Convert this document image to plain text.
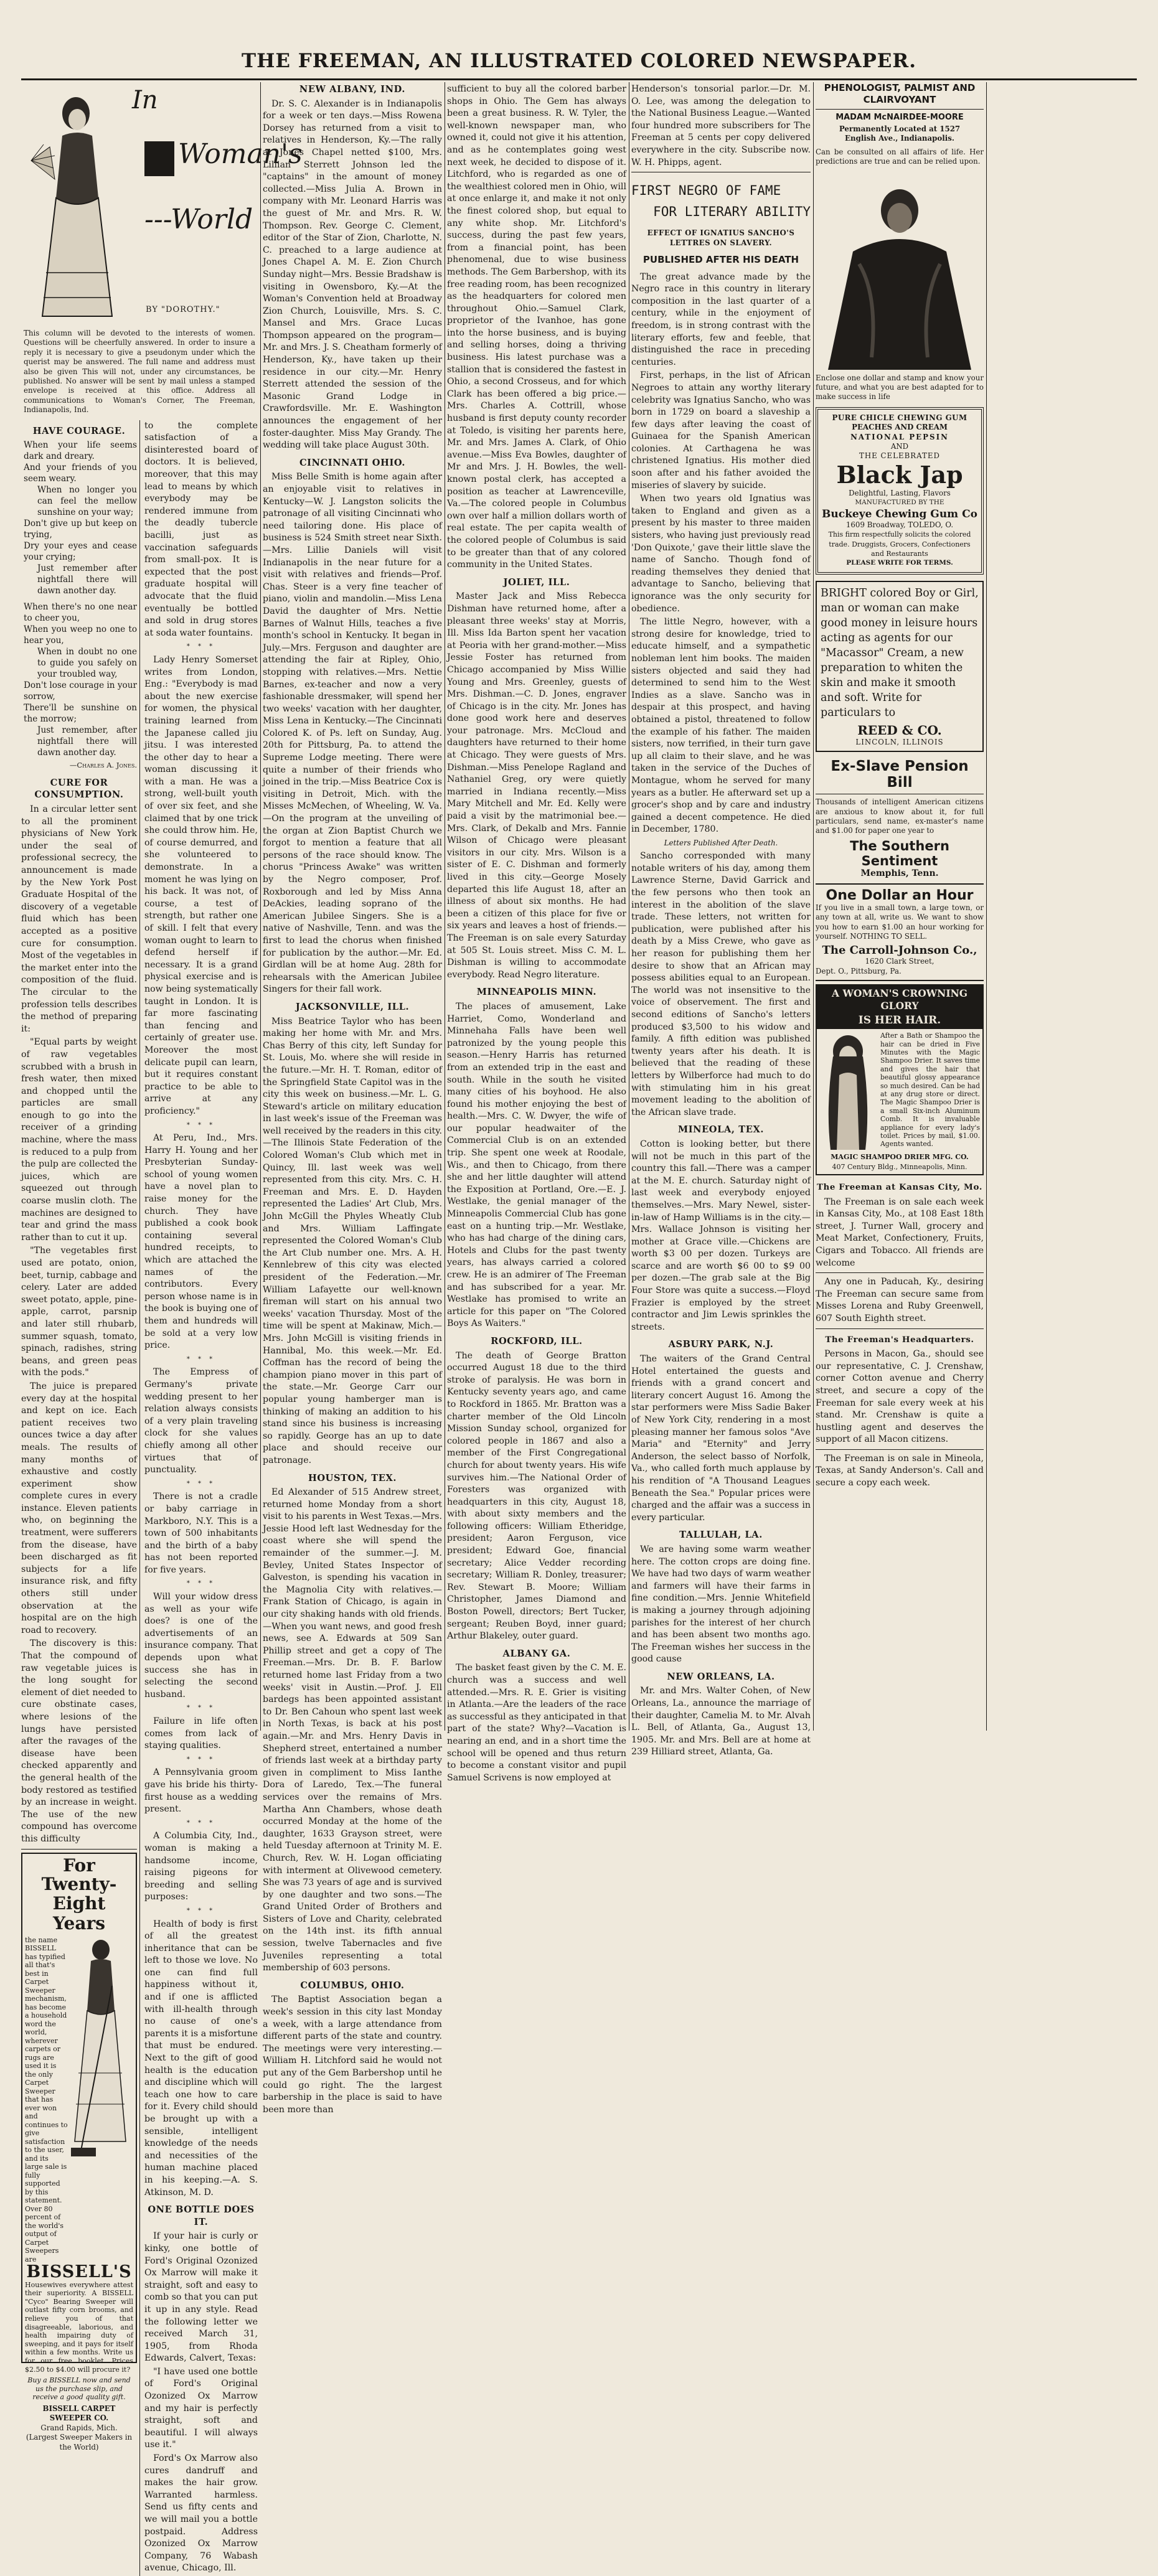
THE FREEMAN, AN ILLUSTRATED COLORED NEWSPAPER.
In
Woman's
---World
BY "DOROTHY."
This column will be devoted to the interests of women. Questions will be cheerfully answered. In order to insure a reply it is necessary to give a pseudonym under which the querist may be answered. The full name and address must also be given This will not, under any circumstances, be published. No answer will be sent by mail unless a stamped envelope is received at this office. Address all communications to Woman's Corner, The Freeman, Indianapolis, Ind.
HAVE COURAGE.
When your life seems dark and dreary.
And your friends of you seem weary.
When no longer you can feel the mellow sunshine on your way;
Don't give up but keep on trying,
Dry your eyes and cease your crying;
Just remember after nightfall there will dawn another day.
When there's no one near to cheer you,
When you weep no one to hear you,
When in doubt no one to guide you safely on your troubled way,
Don't lose courage in your sorrow,
There'll be sunshine on the morrow;
Just remember, after nightfall there will dawn another day.
—Charles A. Jones.
CURE FOR CONSUMPTION.

In a circular letter sent to all the prominent physicians of New York under the seal of professional secrecy, the announcement is made by the New York Post Graduate Hospital of the discovery of a vegetable fluid which has been accepted as a positive cure for consumption. Most of the vegetables in the market enter into the composition of the fluid. The circular to the profession tells describes the method of preparing it:

"Equal parts by weight of raw vegetables scrubbed with a brush in fresh water, then mixed and chopped until the particles are small enough to go into the receiver of a grinding machine, where the mass is reduced to a pulp from the pulp are collected the juices, which are squeezed out through coarse muslin cloth. The machines are designed to tear and grind the mass rather than to cut it up.

"The vegetables first used are potato, onion, beet, turnip, cabbage and celery. Later are added sweet potato, apple, pine-apple, carrot, parsnip and later still rhubarb, summer squash, tomato, spinach, radishes, string beans, and green peas with the pods."

The juice is prepared every day at the hospital and kept on ice. Each patient receives two ounces twice a day after meals. The results of many months of exhaustive and costly experiment show complete cures in every instance. Eleven patients who, on beginning the treatment, were sufferers from the disease, have been discharged as fit subjects for a life insurance risk, and fifty others still under observation at the hospital are on the high road to recovery.

The discovery is this: That the compound of raw vegetable juices is the long sought for element of diet needed to cure obstinate cases, where lesions of the lungs have persisted after the ravages of the disease have been checked apparently and the general health of the body restored as testified by an increase in weight. The use of the new compound has overcome this difficulty

For Twenty-
Eight Years
the name BISSELL has typified all that's best in Carpet Sweeper mechanism, has become a household word the world, wherever carpets or rugs are used it is the only Carpet Sweeper that has ever won and continues to give satisfaction to the user, and its large sale is fully supported by this statement. Over 80 percent of the world's output of Carpet Sweepers are
BISSELL'S
Housewives everywhere attest their superiority. A BISSELL "Cyco" Bearing Sweeper will outlast fifty corn brooms, and relieve you of that disagreeable, laborious, and health impairing duty of sweeping, and it pays for itself within a few months. Write us for our free booklet. Prices $2.50 to $4.00 will procure it?
Buy a BISSELL now and send us the purchase slip, and receive a good quality gift.
BISSELL CARPET SWEEPER CO.
Grand Rapids, Mich.
(Largest Sweeper Makers in the World)

to the complete satisfaction of a disinterested board of doctors. It is believed, moreover, that this may lead to means by which everybody may be rendered immune from the deadly tubercle bacilli, just as vaccination safeguards from small-pox. It is expected that the post graduate hospital will advocate that the fluid eventually be bottled and sold in drug stores at soda water fountains.

* * *

Lady Henry Somerset writes from London, Eng.: "Everybody is mad about the new exercise for women, the physical training learned from the Japanese called jiu jitsu. I was interested the other day to hear a woman discussing it with a man. He was a strong, well-built youth of over six feet, and she claimed that by one trick she could throw him. He, of course demurred, and she volunteered to demonstrate. In a moment he was lying on his back. It was not, of course, a test of strength, but rather one of skill. I felt that every woman ought to learn to defend herself if necessary. It is a grand physical exercise and is now being systematically taught in London. It is far more fascinating than fencing and certainly of greater use. Moreover the most delicate pupil can learn, but it requires constant practice to be able to arrive at any proficiency."

* * *

At Peru, Ind., Mrs. Harry H. Young and her Presbyterian Sunday-school of young women have a novel plan to raise money for the church. They have published a cook book containing several hundred receipts, to which are attached the names of the contributors. Every person whose name is in the book is buying one of them and hundreds will be sold at a very low price.

* * *

The Empress of Germany's private wedding present to her relation always consists of a very plain traveling clock for she values chiefly among all other virtues that of punctuality.

* * *

There is not a cradle or baby carriage in Markboro, N.Y. This is a town of 500 inhabitants and the birth of a baby has not been reported for five years.

* * *

Will your widow dress as well as your wife does? is one of the advertisements of an insurance company. That depends upon what success she has in selecting the second husband.

* * *

Failure in life often comes from lack of staying qualities.

* * *

A Pennsylvania groom gave his bride his thirty-first house as a wedding present.

* * *

A Columbia City, Ind., woman is making a handsome income, raising pigeons for breeding and selling purposes:

* * *

Health of body is first of all the greatest inheritance that can be left to those we love. No one can find full happiness without it, and if one is afflicted with ill-health through no cause of one's parents it is a misfortune that must be endured. Next to the gift of good health is the education and discipline which will teach one how to care for it. Every child should be brought up with a sensible, intelligent knowledge of the needs and necessities of the human machine placed in his keeping.—A. S. Atkinson, M. D.

ONE BOTTLE DOES IT.

If your hair is curly or kinky, one bottle of Ford's Original Ozonized Ox Marrow will make it straight, soft and easy to comb so that you can put it up in any style. Read the following letter we received March 31, 1905, from Rhoda Edwards, Calvert, Texas:

"I have used one bottle of Ford's Original Ozonized Ox Marrow and my hair is perfectly straight, soft and beautiful. I will always use it."

Ford's Ox Marrow also cures dandruff and makes the hair grow. Warranted harmless. Send us fifty cents and we will mail you a bottle postpaid. Address Ozonized Ox Marrow Company, 76 Wabash avenue, Chicago, Ill.

NEW ALBANY, IND.

Dr. S. C. Alexander is in Indianapolis for a week or ten days.—Miss Rowena Dorsey has returned from a visit to relatives in Henderson, Ky.—The rally at Jones Chapel netted $100, Mrs. Lillian Sterrett Johnson led the "captains" in the amount of money collected.—Miss Julia A. Brown in company with Mr. Leonard Harris was the guest of Mr. and Mrs. R. W. Thompson. Rev. George C. Clement, editor of the Star of Zion, Charlotte, N. C. preached to a large audience at Jones Chapel A. M. E. Zion Church Sunday night—Mrs. Bessie Bradshaw is visiting in Owensboro, Ky.—At the Woman's Convention held at Broadway Zion Church, Louisville, Mrs. S. C. Mansel and Mrs. Grace Lucas Thompson appeared on the program—Mr. and Mrs. J. S. Cheatham formerly of Henderson, Ky., have taken up their residence in our city.—Mr. Henry Sterrett attended the session of the Masonic Grand Lodge in Crawfordsville. Mr. E. Washington announces the engagement of her foster-daughter. Miss May Grandy. The wedding will take place August 30th.

CINCINNATI OHIO.

Miss Belle Smith is home again after an enjoyable visit to relatives in Kentucky—W. J. Langston solicits the patronage of all visiting Cincinnati who need tailoring done. His place of business is 524 Smith street near Sixth.—Mrs. Lillie Daniels will visit Indianapolis in the near future for a visit with relatives and friends—Prof. Chas. Steer is a very fine teacher of piano, violin and mandolin.—Miss Lena David the daughter of Mrs. Nettie Barnes of Walnut Hills, teaches a five month's school in Kentucky. It began in July.—Mrs. Ferguson and daughter are attending the fair at Ripley, Ohio, stopping with relatives.—Mrs. Nettie Barnes, ex-teacher and now a very fashionable dressmaker, will spend her two weeks' vacation with her daughter, Miss Lena in Kentucky.—The Cincinnati Colored K. of Ps. left on Sunday, Aug. 20th for Pittsburg, Pa. to attend the Supreme Lodge meeting. There were quite a number of their friends who joined in the trip.—Miss Beatrice Cox is visiting in Detroit, Mich. with the Misses McMechen, of Wheeling, W. Va.—On the program at the unveiling of the organ at Zion Baptist Church we forgot to mention a feature that all persons of the race should know. The chorus "Princess Awake" was written by the Negro composer, Prof. Roxborough and led by Miss Anna DeAckies, leading soprano of the American Jubilee Singers. She is a native of Nashville, Tenn. and was the first to lead the chorus when finished for publication by the author.—Mr. Ed. Girdlan will be at home Aug. 28th for rehearsals with the American Jubilee Singers for their fall work.

JACKSONVILLE, ILL.

Miss Beatrice Taylor who has been making her home with Mr. and Mrs. Chas Berry of this city, left Sunday for St. Louis, Mo. where she will reside in the future.—Mr. H. T. Roman, editor of the Springfield State Capitol was in the city this week on business.—Mr. L. G. Steward's article on military education in last week's issue of the Freeman was well received by the readers in this city.—The Illinois State Federation of the Colored Woman's Club which met in Quincy, Ill. last week was well represented from this city. Mrs. C. H. Freeman and Mrs. E. D. Hayden represented the Ladies' Art Club, Mrs. John McGill the Phyles Wheatly Club and Mrs. William Laffingate represented the Colored Woman's Club the Art Club number one. Mrs. A. H. Kennlebrew of this city was elected president of the Federation.—Mr. William Lafayette our well-known fireman will start on his annual two weeks' vacation Thursday. Most of the time will be spent at Makinaw, Mich.—Mrs. John McGill is visiting friends in Hannibal, Mo. this week.—Mr. Ed. Coffman has the record of being the champion piano mover in this part of the state.—Mr. George Carr our popular young hamberger man is thinking of making an addition to his stand since his business is increasing so rapidly. George has an up to date place and should receive our patronage.

HOUSTON, TEX.

Ed Alexander of 515 Andrew street, returned home Monday from a short visit to his parents in West Texas.—Mrs. Jessie Hood left last Wednesday for the coast where she will spend the remainder of the summer.—J. M. Bevley, United States Inspector of Galveston, is spending his vacation in the Magnolia City with relatives.—Frank Station of Chicago, is again in our city shaking hands with old friends.—When you want news, and good fresh news, see A. Edwards at 509 San Phillip street and get a copy of The Freeman.—Mrs. Dr. B. F. Barlow returned home last Friday from a two weeks' visit in Austin.—Prof. J. Ell bardegs has been appointed assistant to Dr. Ben Cahoun who spent last week in North Texas, is back at his post again.—Mr. and Mrs. Henry Davis in Shepherd street, entertained a number of friends last week at a birthday party given in compliment to Miss Ianthe Dora of Laredo, Tex.—The funeral services over the remains of Mrs. Martha Ann Chambers, whose death occurred Monday at the home of the daughter, 1633 Grayson street, were held Tuesday afternoon at Trinity M. E. Church, Rev. W. H. Logan officiating with interment at Olivewood cemetery. She was 73 years of age and is survived by one daughter and two sons.—The Grand United Order of Brothers and Sisters of Love and Charity, celebrated on the 14th inst. its fifth annual session, twelve Tabernacles and five Juveniles representing a total membership of 603 persons.

COLUMBUS, OHIO.

The Baptist Association began a week's session in this city last Monday a week, with a large attendance from different parts of the state and country. The meetings were very interesting.—William H. Litchford said he would not put any of the Gem Barbershop until he could go right. The the largest barbership in the place is said to have been more than

sufficient to buy all the colored barber shops in Ohio. The Gem has always been a great business. R. W. Tyler, the well-known newspaper man, who owned it, could not give it his attention, and as he contemplates going west next week, he decided to dispose of it. Litchford, who is regarded as one of the wealthiest colored men in Ohio, will at once enlarge it, and make it not only the finest colored shop, but equal to any white shop. Mr. Litchford's success, during the past few years, from a financial point, has been phenomenal, due to wise business methods. The Gem Barbershop, with its free reading room, has been recognized as the headquarters for colored men throughout Ohio.—Samuel Clark, proprietor of the Ivanhoe, has gone into the horse business, and is buying and selling horses, doing a thriving business. His latest purchase was a stallion that is considered the fastest in Ohio, a second Crosseus, and for which Clark has been offered a big price.—Mrs. Charles A. Cottrill, whose husband is first deputy county recorder at Toledo, is visiting her parents here, Mr. and Mrs. James A. Clark, of Ohio avenue.—Miss Eva Bowles, daughter of Mr and Mrs. J. H. Bowles, the well-known postal clerk, has accepted a position as teacher at Lawrenceville, Va.—The colored people in Columbus own over half a million dollars worth of real estate. The per capita wealth of the colored people of Columbus is said to be greater than that of any colored community in the United States.

JOLIET, ILL.

Master Jack and Miss Rebecca Dishman have returned home, after a pleasant three weeks' stay at Morris, Ill. Miss Ida Barton spent her vacation at Peoria with her grand-mother.—Miss Jessie Foster has returned from Chicago accompanied by Miss Willie Young and Mrs. Greenley, guests of Mrs. Dishman.—C. D. Jones, engraver of Chicago is in the city. Mr. Jones has done good work here and deserves your patronage. Mrs. McCloud and daughters have returned to their home at Chicago. They were guests of Mrs. Dishman.—Miss Penelope Ragland and Nathaniel Greg, ory were quietly married in Indiana recently.—Miss Mary Mitchell and Mr. Ed. Kelly were paid a visit by the matrimonial bee.—Mrs. Clark, of Dekalb and Mrs. Fannie Wilson of Chicago were pleasant visitors in our city. Mrs. Wilson is a sister of E. C. Dishman and formerly lived in this city.—George Mosely departed this life August 18, after an illness of about six months. He had been a citizen of this place for five or six years and leaves a host of friends.—The Freeman is on sale every Saturday at 505 St. Louis street. Miss C. M. L. Dishman is willing to accommodate everybody. Read Negro literature.

MINNEAPOLIS MINN.

The places of amusement, Lake Harriet, Como, Wonderland and Minnehaha Falls have been well patronized by the young people this season.—Henry Harris has returned from an extended trip in the east and south. While in the south he visited many cities of his boyhood. He also found his mother enjoying the best of health.—Mrs. C. W. Dwyer, the wife of our popular headwaiter of the Commercial Club is on an extended trip. She spent one week at Roodale, Wis., and then to Chicago, from there she and her little daughter will attend the Exposition at Portland, Ore.—E. J. Westlake, the genial manager of the Minneapolis Commercial Club has gone east on a hunting trip.—Mr. Westlake, who has had charge of the dining cars, Hotels and Clubs for the past twenty years, has always carried a colored crew. He is an admirer of The Freeman and has subscribed for a year. Mr. Westlake has promised to write an article for this paper on "The Colored Boys As Waiters."

ROCKFORD, ILL.

The death of George Bratton occurred August 18 due to the third stroke of paralysis. He was born in Kentucky seventy years ago, and came to Rockford in 1865. Mr. Bratton was a charter member of the Old Lincoln Mission Sunday school, organized for colored people in 1867 and also a member of the First Congregational church for about twenty years. His wife survives him.—The National Order of Foresters was organized with headquarters in this city, August 18, with about sixty members and the following officers: William Etheridge, president; Aaron Ferguson, vice president; Edward Goe, financial secretary; Alice Vedder recording secretary; William R. Donley, treasurer; Rev. Stewart B. Moore; William Christopher, James Diamond and Boston Powell, directors; Bert Tucker, sergeant; Reuben Boyd, inner guard; Arthur Blakeley, outer guard.

ALBANY GA.

The basket feast given by the C. M. E. church was a success and well attended.—Mrs. R. E. Grier is visiting in Atlanta.—Are the leaders of the race as successful as they anticipated in that part of the state? Why?—Vacation is nearing an end, and in a short time the school will be opened and thus return to become a constant visitor and pupil Samuel Scrivens is now employed at

Henderson's tonsorial parlor.—Dr. M. O. Lee, was among the delegation to the National Business League.—Wanted four hundred more subscribers for The Freeman at 5 cents per copy delivered everywhere in the city. Subscribe now. W. H. Phipps, agent.

FIRST NEGRO OF FAME
FOR LITERARY ABILITY
EFFECT OF IGNATIUS SANCHO'S LETTRES ON SLAVERY.
PUBLISHED AFTER HIS DEATH

The great advance made by the Negro race in this country in literary composition in the last quarter of a century, while in the enjoyment of freedom, is in strong contrast with the literary efforts, few and feeble, that distinguished the race in preceding centuries.

First, perhaps, in the list of African Negroes to attain any worthy literary celebrity was Ignatius Sancho, who was born in 1729 on board a slaveship a few days after leaving the coast of Guinaea for the Spanish American colonies. At Carthagena he was christened Ignatius. His mother died soon after and his father avoided the miseries of slavery by suicide.

When two years old Ignatius was taken to England and given as a present by his master to three maiden sisters, who having just previously read 'Don Quixote,' gave their little slave the name of Sancho. Though fond of reading themselves they denied that advantage to Sancho, believing that ignorance was the only security for obedience.

The little Negro, however, with a strong desire for knowledge, tried to educate himself, and a sympathetic nobleman lent him books. The maiden sisters objected and said they had determined to send him to the West Indies as a slave. Sancho was in despair at this prospect, and having obtained a pistol, threatened to follow the example of his father. The maiden sisters, now terrified, in their turn gave up all claim to their slave, and he was taken in the service of the Duches of Montague, whom he served for many years as a butler. He afterward set up a grocer's shop and by care and industry gained a decent competence. He died in December, 1780.

Letters Published After Death.

Sancho corresponded with many notable writers of his day, among them Lawrence Sterne, David Garrick and the few persons who then took an interest in the abolition of the slave trade. These letters, not written for publication, were published after his death by a Miss Crewe, who gave as her reason for publishing them her desire to show that an African may possess abilities equal to an European. The world was not insensitive to the voice of observement. The first and second editions of Sancho's letters produced $3,500 to his widow and family. A fifth edition was published twenty years after his death. It is believed that the reading of these letters by Wilberforce had much to do with stimulating him in his great movement leading to the abolition of the African slave trade.

MINEOLA, TEX.

Cotton is looking better, but there will not be much in this part of the country this fall.—There was a camper at the M. E. church. Saturday night of last week and everybody enjoyed themselves.—Mrs. Mary Newel, sister-in-law of Hamp Williams is in the city.—Mrs. Wallace Johnson is visiting her mother at Grace ville.—Chickens are worth $3 00 per dozen. Turkeys are scarce and are worth $6 00 to $9 00 per dozen.—The grab sale at the Big Four Store was quite a success.—Floyd Frazier is employed by the street contractor and Jim Lewis sprinkles the streets.

ASBURY PARK, N.J.

The waiters of the Grand Central Hotel entertained the guests and friends with a grand concert and literary concert August 16. Among the star performers were Miss Sadie Baker of New York City, rendering in a most pleasing manner her famous solos "Ave Maria" and "Eternity" and Jerry Anderson, the select basso of Norfolk, Va., who called forth much applause by his rendition of "A Thousand Leagues Beneath the Sea." Popular prices were charged and the affair was a success in every particular.

TALLULAH, LA.

We are having some warm weather here. The cotton crops are doing fine. We have had two days of warm weather and farmers will have their farms in fine condition.—Mrs. Jennie Whitefield is making a journey through adjoining parishes for the interest of her church and has been absent two months ago. The Freeman wishes her success in the good cause

NEW ORLEANS, LA.

Mr. and Mrs. Walter Cohen, of New Orleans, La., announce the marriage of their daughter, Camelia M. to Mr. Alvah L. Bell, of Atlanta, Ga., August 13, 1905. Mr. and Mrs. Bell are at home at 239 Hilliard street, Atlanta, Ga.

PHENOLOGIST, PALMIST AND
CLAIRVOYANT
MADAM McNAIRDEE-MOORE
Permanently Located at 1527
English Ave., Indianapolis.
Can be consulted on all affairs of life. Her predictions are true and can be relied upon.
Enclose one dollar and stamp and know your future, and what you are best adapted for to make success in life
PURE CHICLE CHEWING GUM
PEACHES AND CREAM
NATIONAL PEPSIN
AND
THE CELEBRATED
Black Jap
Delightful, Lasting, Flavors
MANUFACTURED BY THE
Buckeye Chewing Gum Co
1609 Broadway, TOLEDO, O.
This firm respectfully solicits the colored trade. Druggists, Grocers, Confectioners and Restaurants
PLEASE WRITE FOR TERMS.
BRIGHT colored Boy or Girl, man or woman can make good money in leisure hours acting as agents for our "Macassor" Cream, a new preparation to whiten the skin and make it smooth and soft. Write for particulars to
REED & CO.
LINCOLN, ILLINOIS
Ex-Slave Pension Bill
Thousands of intelligent American citizens are anxious to know about it, for full particulars, send name, ex-master's name and $1.00 for paper one year to
The Southern Sentiment
Memphis, Tenn.
One Dollar an Hour
If you live in a small town, a large town, or any town at all, write us. We want to show you how to earn $1.00 an hour working for yourself. NOTHING TO SELL.
The Carroll-Johnson Co.,
1620 Clark Street,
Dept. O., Pittsburg, Pa.
A WOMAN'S CROWNING GLORY
IS HER HAIR.
After a Bath or Shampoo the hair can be dried in Five Minutes with the Magic Shampoo Drier. It saves time and gives the hair that beautiful glossy appearance so much desired. Can be had at any drug store or direct. The Magic Shampoo Drier is a small Six-inch Aluminum Comb. It is invaluable appliance for every lady's toilet. Prices by mail, $1.00. Agents wanted.
MAGIC SHAMPOO DRIER MFG. CO.
407 Century Bldg., Minneapolis, Minn.
The Freeman at Kansas City, Mo.

The Freeman is on sale each week in Kansas City, Mo., at 108 East 18th street, J. Turner Wall, grocery and Meat Market, Confectionery, Fruits, Cigars and Tobacco. All friends are welcome

Any one in Paducah, Ky., desiring The Freeman can secure same from Misses Lorena and Ruby Greenwell, 607 South Eighth street.

The Freeman's Headquarters.

Persons in Macon, Ga., should see our representative, C. J. Crenshaw, corner Cotton avenue and Cherry street, and secure a copy of the Freeman for sale every week at his stand. Mr. Crenshaw is quite a hustling agent and deserves the support of all Macon citizens.

The Freeman is on sale in Mineola, Texas, at Sandy Anderson's. Call and secure a copy each week.
